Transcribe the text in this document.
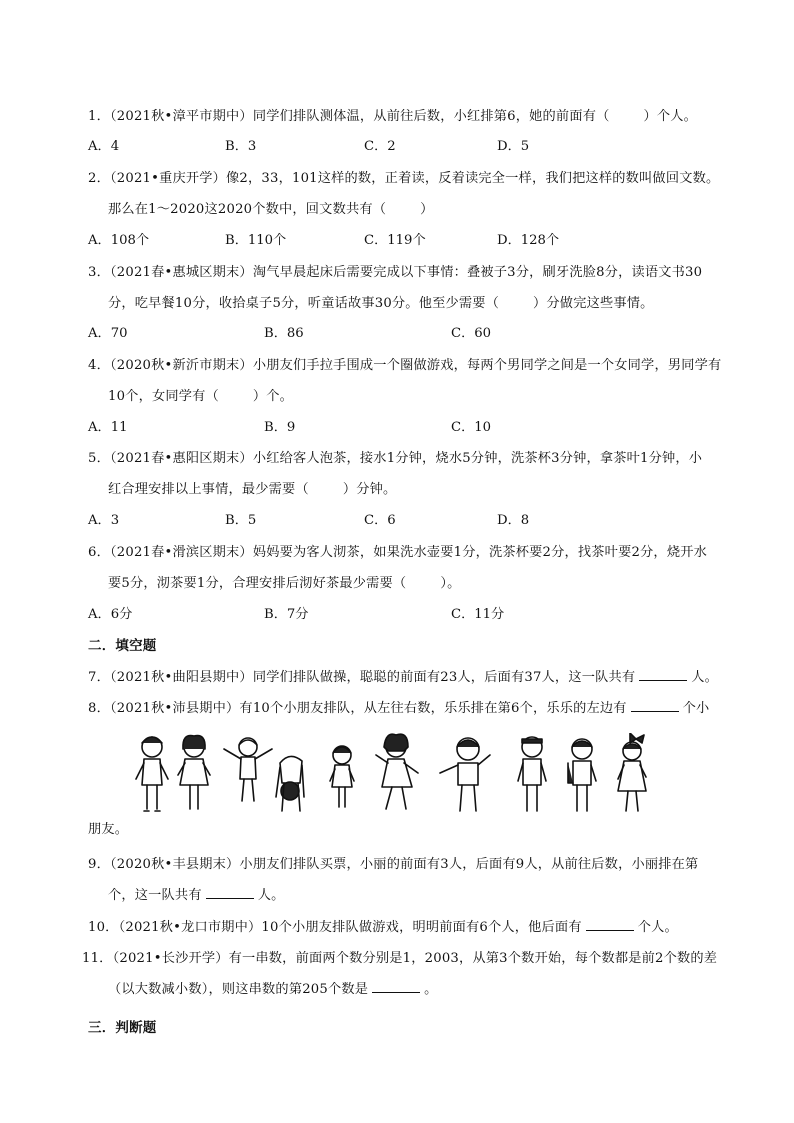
1．（2021秋•漳平市期中）同学们排队测体温，从前往后数，小红排第6，她的前面有（	）个人。
A．4	B．3	C．2	D．5
2．（2021•重庆开学）像2，33，101这样的数，正着读，反着读完全一样，我们把这样的数叫做回文数。
那么在1～2020这2020个数中，回文数共有（	）
A．108个	B．110个	C．119个	D．128个
3．（2021春•惠城区期末）淘气早晨起床后需要完成以下事情：叠被子3分，刷牙洗脸8分，读语文书30
分，吃早餐10分，收拾桌子5分，听童话故事30分。他至少需要（	）分做完这些事情。
A．70	B．86	C．60
4．（2020秋•新沂市期末）小朋友们手拉手围成一个圈做游戏，每两个男同学之间是一个女同学，男同学有
10个，女同学有（	）个。
A．11	B．9	C．10
5．（2021春•惠阳区期末）小红给客人泡茶，接水1分钟，烧水5分钟，洗茶杯3分钟，拿茶叶1分钟，小
红合理安排以上事情，最少需要（	）分钟。
A．3	B．5	C．6	D．8
6．（2021春•滑滨区期末）妈妈要为客人沏茶，如果洗水壶要1分，洗茶杯要2分，找茶叶要2分，烧开水
要5分，沏茶要1分，合理安排后沏好茶最少需要（	）。
A．6分	B．7分	C．11分
二．填空题
7．（2021秋•曲阳县期中）同学们排队做操，聪聪的前面有23人，后面有37人，这一队共有	人。
8．（2021秋•沛县期中）有10个小朋友排队，从左往右数，乐乐排在第6个，乐乐的左边有	个小
朋友。
9．（2020秋•丰县期末）小朋友们排队买票，小丽的前面有3人，后面有9人，从前往后数，小丽排在第
个，这一队共有	人。
10．（2021秋•龙口市期中）10个小朋友排队做游戏，明明前面有6个人，他后面有	个人。
11．（2021•长沙开学）有一串数，前面两个数分别是1，2003，从第3个数开始，每个数都是前2个数的差
（以大数减小数），则这串数的第205个数是	。
三．判断题
